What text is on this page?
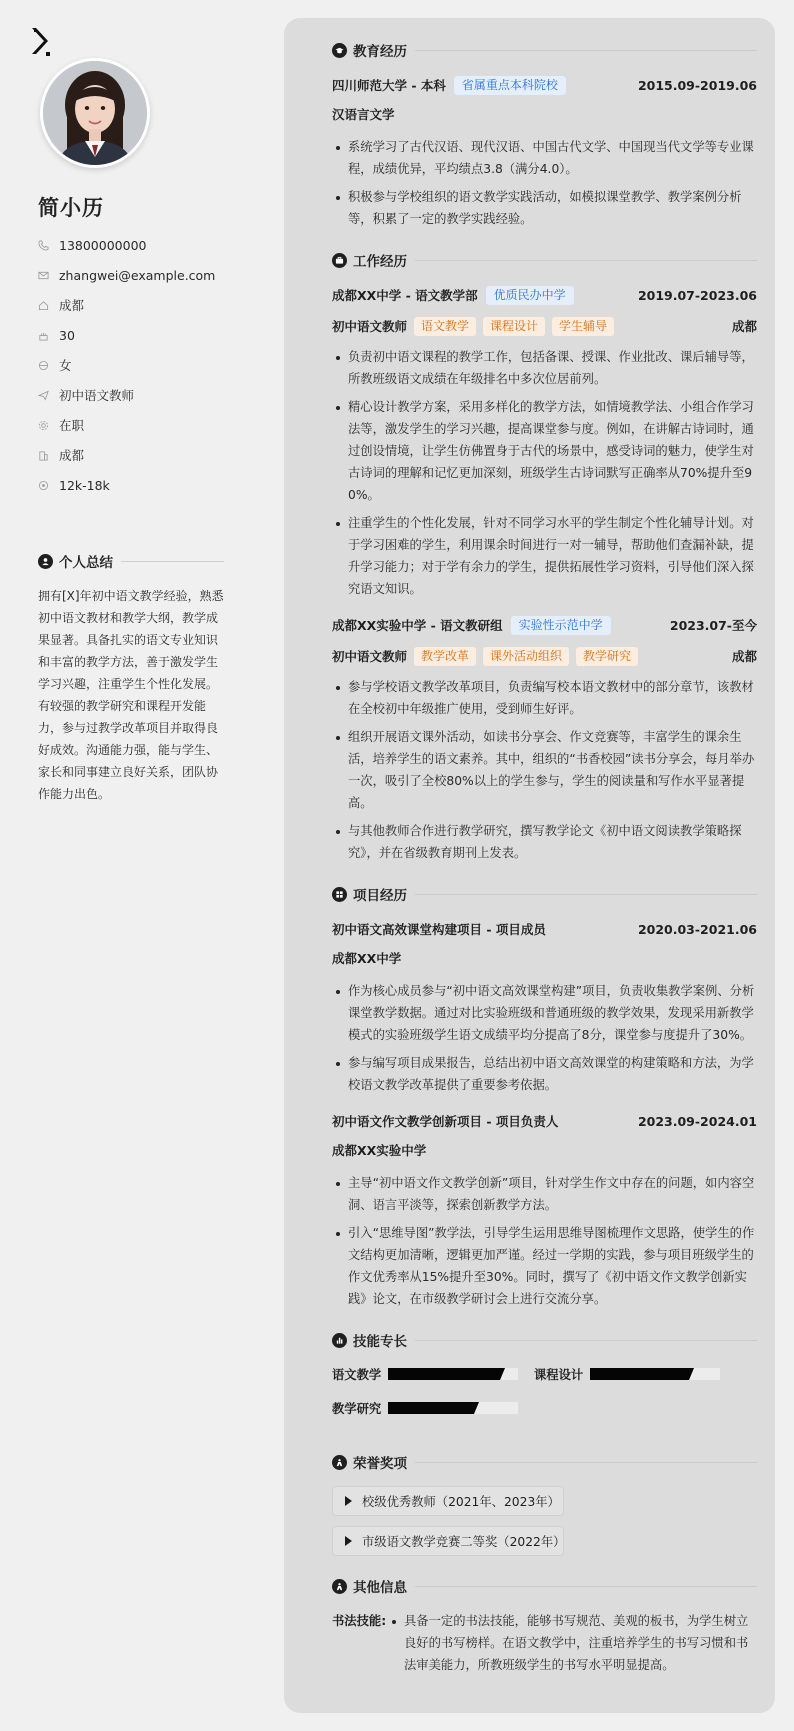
简小历
13800000000
zhangwei@example.com
成都
30
女
初中语文教师
在职
成都
12k-18k
个人总结

拥有[X]年初中语文教学经验，熟悉初中语文教材和教学大纲，教学成果显著。具备扎实的语文专业知识和丰富的教学方法，善于激发学生学习兴趣，注重学生个性化发展。有较强的教学研究和课程开发能力，参与过教学改革项目并取得良好成效。沟通能力强，能与学生、家长和同事建立良好关系，团队协作能力出色。

教育经历
四川师范大学 - 本科	省属重点本科院校	2015.09-2019.06
汉语言文学
系统学习了古代汉语、现代汉语、中国古代文学、中国现当代文学等专业课程，成绩优异，平均绩点3.8（满分4.0）。
积极参与学校组织的语文教学实践活动，如模拟课堂教学、教学案例分析等，积累了一定的教学实践经验。
工作经历
成都XX中学 - 语文教学部	优质民办中学	2019.07-2023.06
初中语文教师	语文教学	课程设计	学生辅导	成都
负责初中语文课程的教学工作，包括备课、授课、作业批改、课后辅导等，所教班级语文成绩在年级排名中多次位居前列。
精心设计教学方案，采用多样化的教学方法，如情境教学法、小组合作学习法等，激发学生的学习兴趣，提高课堂参与度。例如，在讲解古诗词时，通过创设情境，让学生仿佛置身于古代的场景中，感受诗词的魅力，使学生对古诗词的理解和记忆更加深刻，班级学生古诗词默写正确率从70%提升至90%。
注重学生的个性化发展，针对不同学习水平的学生制定个性化辅导计划。对于学习困难的学生，利用课余时间进行一对一辅导，帮助他们查漏补缺，提升学习能力；对于学有余力的学生，提供拓展性学习资料，引导他们深入探究语文知识。
成都XX实验中学 - 语文教研组	实验性示范中学	2023.07-至今
初中语文教师	教学改革	课外活动组织	教学研究	成都
参与学校语文教学改革项目，负责编写校本语文教材中的部分章节，该教材在全校初中年级推广使用，受到师生好评。
组织开展语文课外活动，如读书分享会、作文竞赛等，丰富学生的课余生活，培养学生的语文素养。其中，组织的“书香校园”读书分享会，每月举办一次，吸引了全校80%以上的学生参与，学生的阅读量和写作水平显著提高。
与其他教师合作进行教学研究，撰写教学论文《初中语文阅读教学策略探究》，并在省级教育期刊上发表。
项目经历
初中语文高效课堂构建项目 - 项目成员	2020.03-2021.06
成都XX中学
作为核心成员参与“初中语文高效课堂构建”项目，负责收集教学案例、分析课堂教学数据。通过对比实验班级和普通班级的教学效果，发现采用新教学模式的实验班级学生语文成绩平均分提高了8分，课堂参与度提升了30%。
参与编写项目成果报告，总结出初中语文高效课堂的构建策略和方法，为学校语文教学改革提供了重要参考依据。
初中语文作文教学创新项目 - 项目负责人	2023.09-2024.01
成都XX实验中学
主导“初中语文作文教学创新”项目，针对学生作文中存在的问题，如内容空洞、语言平淡等，探索创新教学方法。
引入“思维导图”教学法，引导学生运用思维导图梳理作文思路，使学生的作文结构更加清晰，逻辑更加严谨。经过一学期的实践，参与项目班级学生的作文优秀率从15%提升至30%。同时，撰写了《初中语文作文教学创新实践》论文，在市级教学研讨会上进行交流分享。
技能专长
语文教学	课程设计
教学研究
荣誉奖项
校级优秀教师（2021年、2023年）
市级语文教学竞赛二等奖（2022年）
其他信息
书法技能:	具备一定的书法技能，能够书写规范、美观的板书，为学生树立良好的书写榜样。在语文教学中，注重培养学生的书写习惯和书法审美能力，所教班级学生的书写水平明显提高。
